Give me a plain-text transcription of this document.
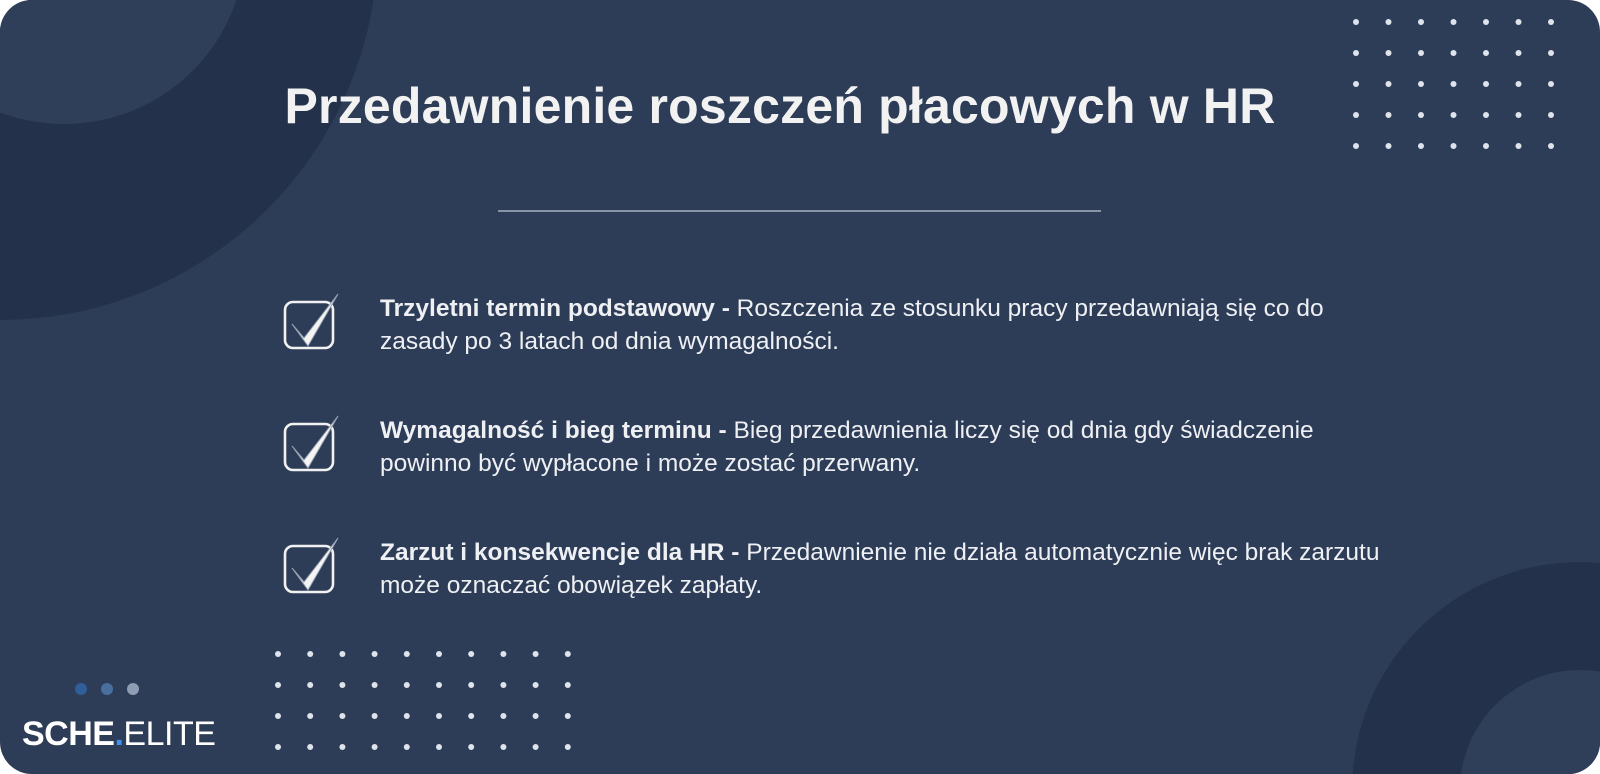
Przedawnienie roszczeń płacowych w HR
Trzyletni termin podstawowy - Roszczenia ze stosunku pracy przedawniają się co do zasady po 3 latach od dnia wymagalności.
Wymagalność i bieg terminu - Bieg przedawnienia liczy się od dnia gdy świadczenie powinno być wypłacone i może zostać przerwany.
Zarzut i konsekwencje dla HR - Przedawnienie nie działa automatycznie więc brak zarzutu może oznaczać obowiązek zapłaty.
SCHE.ELITE
